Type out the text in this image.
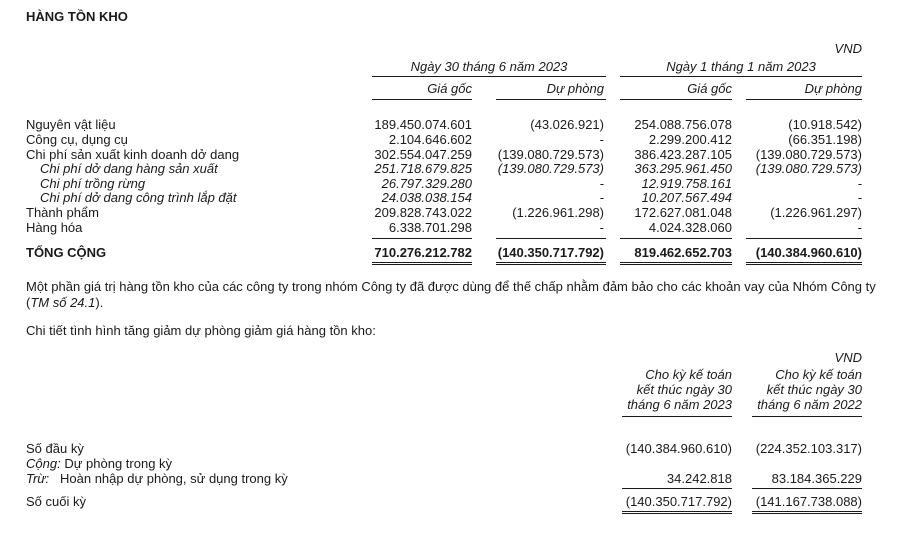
HÀNG TỒN KHO
VND
Ngày 30 tháng 6 năm 2023	Ngày 1 tháng 1 năm 2023
Giá gốc	Dự phòng	Giá gốc	Dự phòng
Nguyên vật liệu	189.450.074.601	(43.026.921)	254.088.756.078	(10.918.542)
Công cụ, dụng cụ	2.104.646.602	-	2.299.200.412	(66.351.198)
Chi phí sản xuất kinh doanh dở dang	302.554.047.259	(139.080.729.573)	386.423.287.105	(139.080.729.573)
Chi phí dở dang hàng sản xuất	251.718.679.825	(139.080.729.573)	363.295.961.450	(139.080.729.573)
Chi phí trồng rừng	26.797.329.280	-	12.919.758.161	-
Chi phí dở dang công trình lắp đặt	24.038.038.154	-	10.207.567.494	-
Thành phẩm	209.828.743.022	(1.226.961.298)	172.627.081.048	(1.226.961.297)
Hàng hóa	6.338.701.298	-	4.024.328.060	-
TỔNG CỘNG	710.276.212.782	(140.350.717.792)	819.462.652.703	(140.384.960.610)
Một phần giá trị hàng tồn kho của các công ty trong nhóm Công ty đã được dùng để thế chấp nhằm đảm bảo cho các khoản vay của Nhóm Công ty
(TM số 24.1).
Chi tiết tình hình tăng giảm dự phòng giảm giá hàng tồn kho:
VND
Cho kỳ kế toán
kết thúc ngày 30
tháng 6 năm 2023
Cho kỳ kế toán
kết thúc ngày 30
tháng 6 năm 2022
Số đầu kỳ	(140.384.960.610)	(224.352.103.317)
Cộng: Dự phòng trong kỳ
Trừ: Hoàn nhập dự phòng, sử dụng trong kỳ	34.242.818	83.184.365.229
Số cuối kỳ	(140.350.717.792)	(141.167.738.088)
